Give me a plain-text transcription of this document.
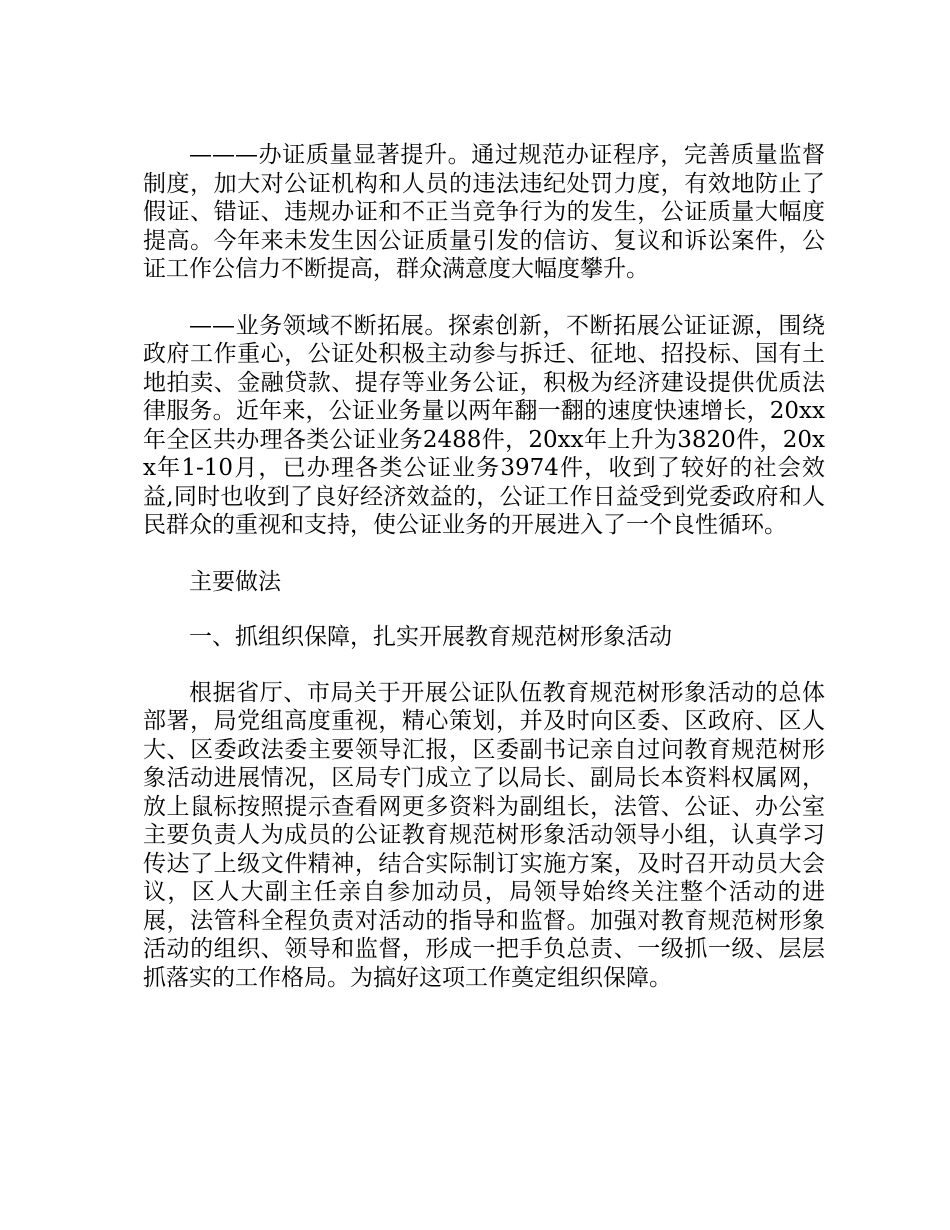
———办证质量显著提升。通过规范办证程序，完善质量监督制度，加大对公证机构和人员的违法违纪处罚力度，有效地防止了假证、错证、违规办证和不正当竞争行为的发生，公证质量大幅度提高。今年来未发生因公证质量引发的信访、复议和诉讼案件，公证工作公信力不断提高，群众满意度大幅度攀升。

——业务领域不断拓展。探索创新，不断拓展公证证源，围绕政府工作重心，公证处积极主动参与拆迁、征地、招投标、国有土地拍卖、金融贷款、提存等业务公证，积极为经济建设提供优质法律服务。近年来，公证业务量以两年翻一翻的速度快速增长，20xx年全区共办理各类公证业务2488件，20xx年上升为3820件，20xx年1-10月，已办理各类公证业务3974件，收到了较好的社会效益,同时也收到了良好经济效益的，公证工作日益受到党委政府和人民群众的重视和支持，使公证业务的开展进入了一个良性循环。

主要做法

一、抓组织保障，扎实开展教育规范树形象活动

根据省厅、市局关于开展公证队伍教育规范树形象活动的总体部署，局党组高度重视，精心策划，并及时向区委、区政府、区人大、区委政法委主要领导汇报，区委副书记亲自过问教育规范树形象活动进展情况，区局专门成立了以局长、副局长本资料权属网，放上鼠标按照提示查看网更多资料为副组长，法管、公证、办公室主要负责人为成员的公证教育规范树形象活动领导小组，认真学习传达了上级文件精神，结合实际制订实施方案，及时召开动员大会议，区人大副主任亲自参加动员，局领导始终关注整个活动的进展，法管科全程负责对活动的指导和监督。加强对教育规范树形象活动的组织、领导和监督，形成一把手负总责、一级抓一级、层层抓落实的工作格局。为搞好这项工作奠定组织保障。
